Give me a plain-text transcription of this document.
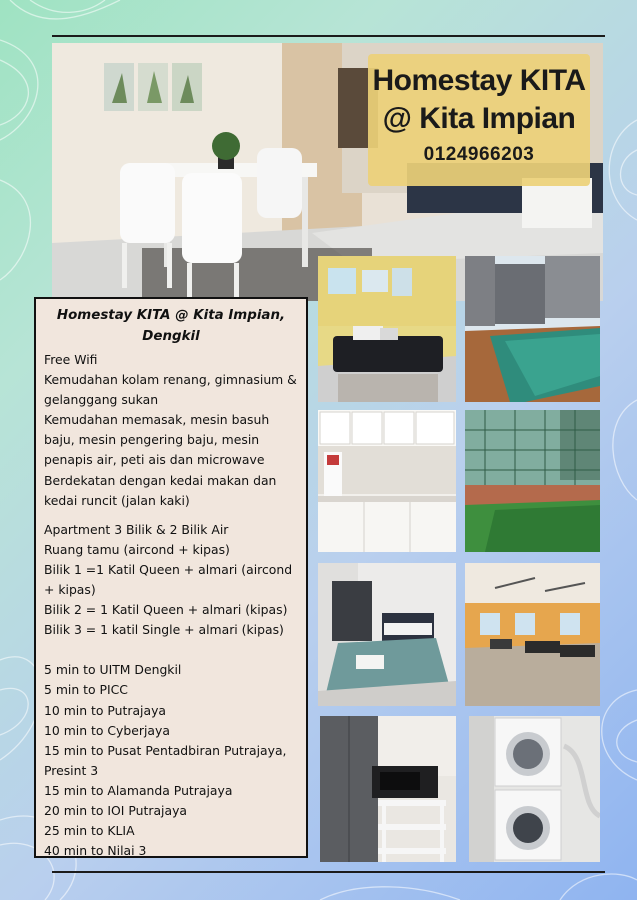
Homestay KITA @ Kita Impian
0124966203
Homestay KITA @ Kita Impian, Dengkil
Free Wifi
Kemudahan kolam renang, gimnasium & gelanggang sukan
Kemudahan memasak, mesin basuh baju, mesin pengering baju, mesin penapis air, peti ais dan microwave
Berdekatan dengan kedai makan dan kedai runcit (jalan kaki)
Apartment 3 Bilik & 2 Bilik Air
Ruang tamu (aircond + kipas)
Bilik 1 =1 Katil Queen + almari (aircond + kipas)
Bilik 2 = 1 Katil Queen + almari (kipas)
Bilik 3 = 1 katil Single + almari (kipas)
5 min to UITM Dengkil
5 min to PICC
10 min to Putrajaya
10 min to Cyberjaya
15 min to Pusat Pentadbiran Putrajaya, Presint 3
15 min to Alamanda Putrajaya
20 min to IOI Putrajaya
25 min to KLIA
40 min to Nilai 3
